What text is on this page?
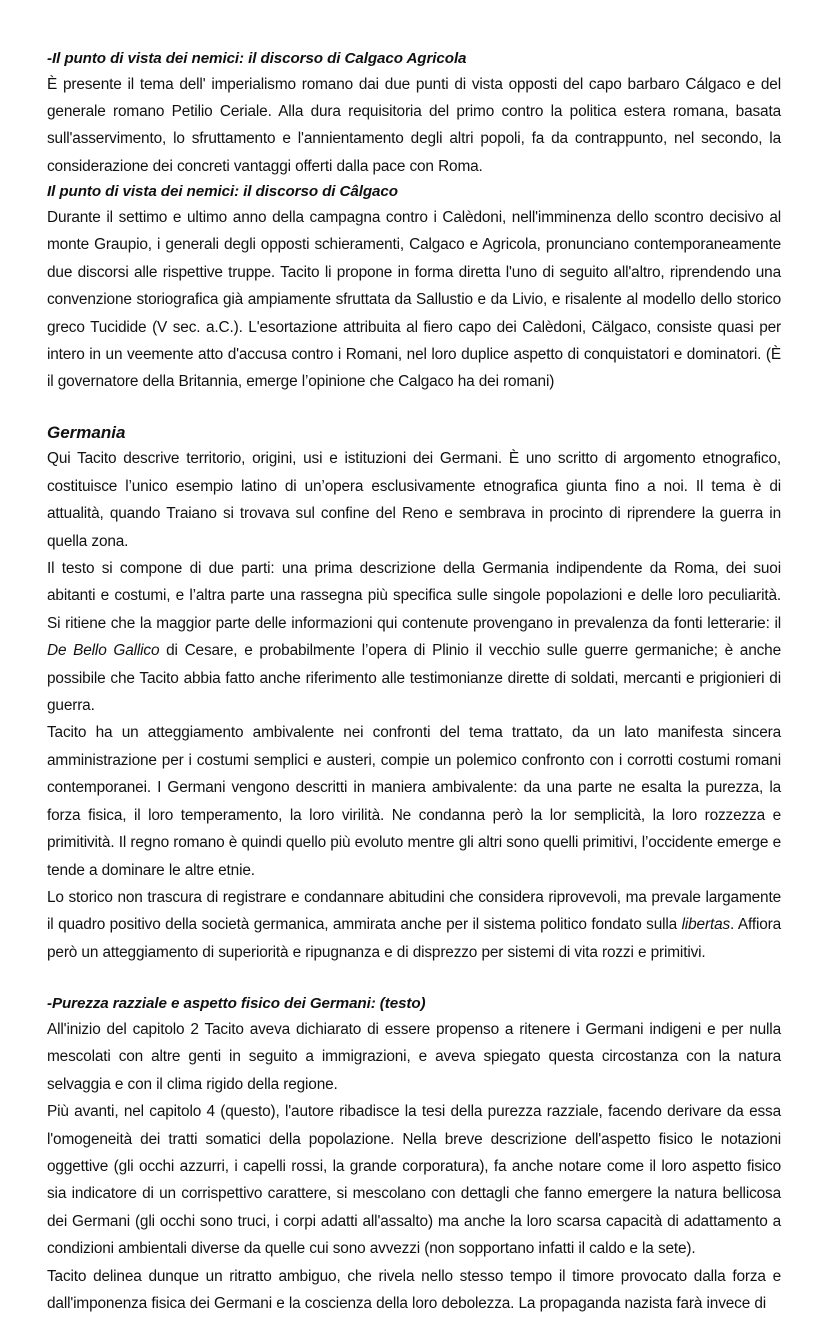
-Il punto di vista dei nemici: il discorso di Calgaco Agricola

È presente il tema dell' imperialismo romano dai due punti di vista opposti del capo barbaro Cálgaco e del generale romano Petilio Ceriale. Alla dura requisitoria del primo contro la politica estera romana, basata sull'asservimento, lo sfruttamento e l'annientamento degli altri popoli, fa da contrappunto, nel secondo, la considerazione dei concreti vantaggi offerti dalla pace con Roma.

Il punto di vista dei nemici: il discorso di Câlgaco

Durante il settimo e ultimo anno della campagna contro i Calèdoni, nell'imminenza dello scontro decisivo al monte Graupio, i generali degli opposti schieramenti, Calgaco e Agricola, pronunciano contemporaneamente due discorsi alle rispettive truppe. Tacito li propone in forma diretta l'uno di seguito all'altro, riprendendo una convenzione storiografica già ampiamente sfruttata da Sallustio e da Livio, e risalente al modello dello storico greco Tucidide (V sec. a.C.). L'esortazione attribuita al fiero capo dei Calèdoni, Cälgaco, consiste quasi per intero in un veemente atto d'accusa contro i Romani, nel loro duplice aspetto di conquistatori e dominatori. (È il governatore della Britannia, emerge l’opinione che Calgaco ha dei romani)

Germania

Qui Tacito descrive territorio, origini, usi e istituzioni dei Germani. È uno scritto di argomento etnografico, costituisce l’unico esempio latino di un’opera esclusivamente etnografica giunta fino a noi. Il tema è di attualità, quando Traiano si trovava sul confine del Reno e sembrava in procinto di riprendere la guerra in quella zona.

Il testo si compone di due parti: una prima descrizione della Germania indipendente da Roma, dei suoi abitanti e costumi, e l’altra parte una rassegna più specifica sulle singole popolazioni e delle loro peculiarità. Si ritiene che la maggior parte delle informazioni qui contenute provengano in prevalenza da fonti letterarie: il De Bello Gallico di Cesare, e probabilmente l’opera di Plinio il vecchio sulle guerre germaniche; è anche possibile che Tacito abbia fatto anche riferimento alle testimonianze dirette di soldati, mercanti e prigionieri di guerra.

Tacito ha un atteggiamento ambivalente nei confronti del tema trattato, da un lato manifesta sincera amministrazione per i costumi semplici e austeri, compie un polemico confronto con i corrotti costumi romani contemporanei. I Germani vengono descritti in maniera ambivalente: da una parte ne esalta la purezza, la forza fisica, il loro temperamento, la loro virilità. Ne condanna però la lor semplicità, la loro rozzezza e primitività. Il regno romano è quindi quello più evoluto mentre gli altri sono quelli primitivi, l’occidente emerge e tende a dominare le altre etnie.

Lo storico non trascura di registrare e condannare abitudini che considera riprovevoli, ma prevale largamente il quadro positivo della società germanica, ammirata anche per il sistema politico fondato sulla libertas. Affiora però un atteggiamento di superiorità e ripugnanza e di disprezzo per sistemi di vita rozzi e primitivi.

-Purezza razziale e aspetto fisico dei Germani: (testo)

All'inizio del capitolo 2 Tacito aveva dichiarato di essere propenso a ritenere i Germani indigeni e per nulla mescolati con altre genti in seguito a immigrazioni, e aveva spiegato questa circostanza con la natura selvaggia e con il clima rigido della regione.

Più avanti, nel capitolo 4 (questo), l'autore ribadisce la tesi della purezza razziale, facendo derivare da essa l'omogeneità dei tratti somatici della popolazione. Nella breve descrizione dell'aspetto fisico le notazioni oggettive (gli occhi azzurri, i capelli rossi, la grande corporatura), fa anche notare come il loro aspetto fisico sia indicatore di un corrispettivo carattere, si mescolano con dettagli che fanno emergere la natura bellicosa dei Germani (gli occhi sono truci, i corpi adatti all'assalto) ma anche la loro scarsa capacità di adattamento a condizioni ambientali diverse da quelle cui sono avvezzi (non sopportano infatti il caldo e la sete).

Tacito delinea dunque un ritratto ambiguo, che rivela nello stesso tempo il timore provocato dalla forza e dall'imponenza fisica dei Germani e la coscienza della loro debolezza. La propaganda nazista farà invece di
